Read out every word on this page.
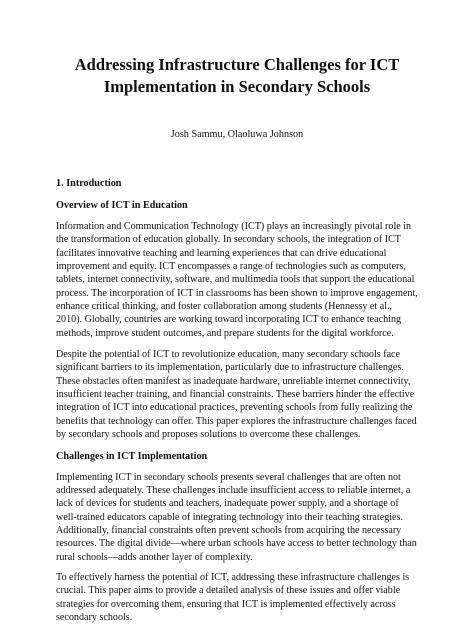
Addressing Infrastructure Challenges for ICT Implementation in Secondary Schools

Josh Sammu, Olaoluwa Johnson

1. Introduction

Overview of ICT in Education

Information and Communication Technology (ICT) plays an increasingly pivotal role in the transformation of education globally. In secondary schools, the integration of ICT facilitates innovative teaching and learning experiences that can drive educational improvement and equity. ICT encompasses a range of technologies such as computers, tablets, internet connectivity, software, and multimedia tools that support the educational process. The incorporation of ICT in classrooms has been shown to improve engagement, enhance critical thinking, and foster collaboration among students (Hennessy et al., 2010). Globally, countries are working toward incorporating ICT to enhance teaching methods, improve student outcomes, and prepare students for the digital workforce.

Despite the potential of ICT to revolutionize education, many secondary schools face significant barriers to its implementation, particularly due to infrastructure challenges. These obstacles often manifest as inadequate hardware, unreliable internet connectivity, insufficient teacher training, and financial constraints. These barriers hinder the effective integration of ICT into educational practices, preventing schools from fully realizing the benefits that technology can offer. This paper explores the infrastructure challenges faced by secondary schools and proposes solutions to overcome these challenges.

Challenges in ICT Implementation

Implementing ICT in secondary schools presents several challenges that are often not addressed adequately. These challenges include insufficient access to reliable internet, a lack of devices for students and teachers, inadequate power supply, and a shortage of well-trained educators capable of integrating technology into their teaching strategies. Additionally, financial constraints often prevent schools from acquiring the necessary resources. The digital divide—where urban schools have access to better technology than rural schools—adds another layer of complexity.

To effectively harness the potential of ICT, addressing these infrastructure challenges is crucial. This paper aims to provide a detailed analysis of these issues and offer viable strategies for overcoming them, ensuring that ICT is implemented effectively across secondary schools.
